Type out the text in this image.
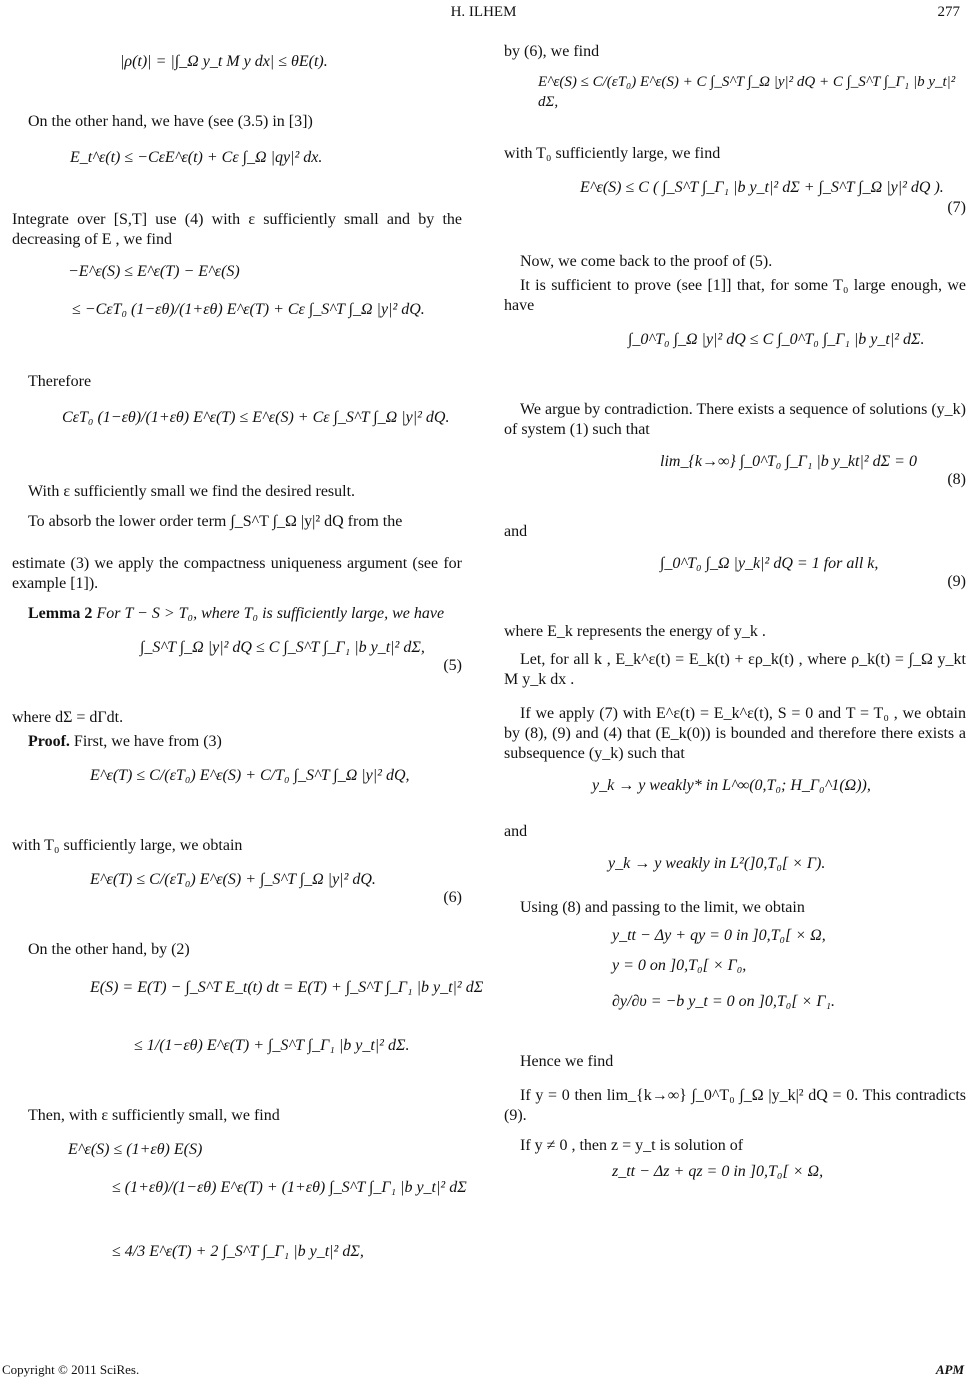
H. ILHEM	277
|ρ(t)| = |∫_Ω y_t M y dx| ≤ θE(t).

On the other hand, we have (see (3.5) in [3])

E_t^ε(t) ≤ −CεE^ε(t) + Cε ∫_Ω |qy|² dx.

Integrate over [S,T] use (4) with ε sufficiently small and by the decreasing of E , we find

−E^ε(S) ≤ E^ε(T) − E^ε(S)
≤ −CεT₀ (1−εθ)/(1+εθ) E^ε(T) + Cε ∫_S^T ∫_Ω |y|² dQ.

Therefore

CεT₀ (1−εθ)/(1+εθ) E^ε(T) ≤ E^ε(S) + Cε ∫_S^T ∫_Ω |y|² dQ.

With ε sufficiently small we find the desired result.

To absorb the lower order term ∫_S^T ∫_Ω |y|² dQ from the

estimate (3) we apply the compactness uniqueness argument (see for example [1]).

Lemma 2 For T − S > T₀, where T₀ is sufficiently large, we have

∫_S^T ∫_Ω |y|² dQ ≤ C ∫_S^T ∫_Γ₁ |b y_t|² dΣ,
(5)

where dΣ = dΓdt.

Proof. First, we have from (3)

E^ε(T) ≤ C/(εT₀) E^ε(S) + C/T₀ ∫_S^T ∫_Ω |y|² dQ,

with T₀ sufficiently large, we obtain

E^ε(T) ≤ C/(εT₀) E^ε(S) + ∫_S^T ∫_Ω |y|² dQ.
(6)

On the other hand, by (2)

E(S) = E(T) − ∫_S^T E_t(t) dt = E(T) + ∫_S^T ∫_Γ₁ |b y_t|² dΣ
≤ 1/(1−εθ) E^ε(T) + ∫_S^T ∫_Γ₁ |b y_t|² dΣ.

Then, with ε sufficiently small, we find

E^ε(S) ≤ (1+εθ) E(S)
≤ (1+εθ)/(1−εθ) E^ε(T) + (1+εθ) ∫_S^T ∫_Γ₁ |b y_t|² dΣ
≤ 4/3 E^ε(T) + 2 ∫_S^T ∫_Γ₁ |b y_t|² dΣ,

by (6), we find

E^ε(S) ≤ C/(εT₀) E^ε(S) + C ∫_S^T ∫_Ω |y|² dQ + C ∫_S^T ∫_Γ₁ |b y_t|² dΣ,

with T₀ sufficiently large, we find

E^ε(S) ≤ C ( ∫_S^T ∫_Γ₁ |b y_t|² dΣ + ∫_S^T ∫_Ω |y|² dQ ).
(7)

Now, we come back to the proof of (5).

It is sufficient to prove (see [1]] that, for some T₀ large enough, we have

∫_0^T₀ ∫_Ω |y|² dQ ≤ C ∫_0^T₀ ∫_Γ₁ |b y_t|² dΣ.

We argue by contradiction. There exists a sequence of solutions (y_k) of system (1) such that

lim_{k→∞} ∫_0^T₀ ∫_Γ₁ |b y_kt|² dΣ = 0
(8)

and

∫_0^T₀ ∫_Ω |y_k|² dQ = 1 for all k,
(9)

where E_k represents the energy of y_k .

Let, for all k , E_k^ε(t) = E_k(t) + ερ_k(t) , where ρ_k(t) = ∫_Ω y_kt M y_k dx .

If we apply (7) with E^ε(t) = E_k^ε(t), S = 0 and T = T₀ , we obtain by (8), (9) and (4) that (E_k(0)) is bounded and therefore there exists a subsequence (y_k) such that

y_k → y weakly* in L^∞(0,T₀; H_Γ₀^1(Ω)),

and

y_k → y weakly in L²(]0,T₀[ × Γ).

Using (8) and passing to the limit, we obtain

y_tt − Δy + qy = 0 in ]0,T₀[ × Ω,
y = 0 on ]0,T₀[ × Γ₀,
∂y/∂υ = −b y_t = 0 on ]0,T₀[ × Γ₁.

Hence we find

If y = 0 then lim_{k→∞} ∫_0^T₀ ∫_Ω |y_k|² dQ = 0. This contradicts (9).

If y ≠ 0 , then z = y_t is solution of

z_tt − Δz + qz = 0 in ]0,T₀[ × Ω,
Copyright © 2011 SciRes.	APM
